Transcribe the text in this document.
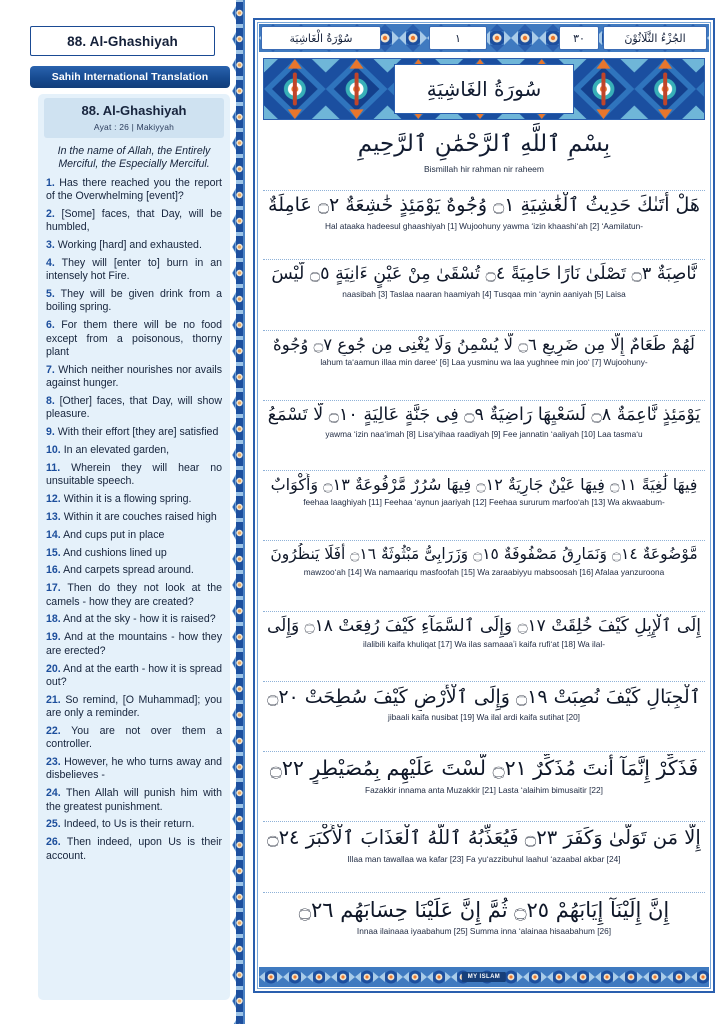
88. Al-Ghashiyah
Sahih International Translation
88. Al-Ghashiyah
Ayat : 26 | Makiyyah
In the name of Allah, the Entirely Merciful, the Especially Merciful.
1. Has there reached you the report of the Overwhelming [event]?
2. [Some] faces, that Day, will be humbled,
3. Working [hard] and exhausted.
4. They will [enter to] burn in an intensely hot Fire.
5. They will be given drink from a boiling spring.
6. For them there will be no food except from a poisonous, thorny plant
7. Which neither nourishes nor avails against hunger.
8. [Other] faces, that Day, will show pleasure.
9. With their effort [they are] satisfied
10. In an elevated garden,
11. Wherein they will hear no unsuitable speech.
12. Within it is a flowing spring.
13. Within it are couches raised high
14. And cups put in place
15. And cushions lined up
16. And carpets spread around.
17. Then do they not look at the camels - how they are created?
18. And at the sky - how it is raised?
19. And at the mountains - how they are erected?
20. And at the earth - how it is spread out?
21. So remind, [O Muhammad]; you are only a reminder.
22. You are not over them a controller.
23. However, he who turns away and disbelieves -
24. Then Allah will punish him with the greatest punishment.
25. Indeed, to Us is their return.
26. Then indeed, upon Us is their account.
سُوْرَةُ الْغَاشِيَة	١	٣٠	الجُزْءُ الثَّلَاثُوْنَ
سُورَةُ الغَاشِيَةِ
بِسْمِ ٱللَّهِ ٱلرَّحْمَٰنِ ٱلرَّحِيمِ
Bismillah hir rahman nir raheem
هَلْ أَتَىٰكَ حَدِيثُ ٱلْغَٰشِيَةِ ۝١ وُجُوهٌ يَوْمَئِذٍ خَٰشِعَةٌ ۝٢ عَامِلَةٌ
Hal ataaka hadeesul ghaashiyah [1] Wujoohuny yawma ʻizin khaashiʻah [2] ʻAamilatun-
نَّاصِبَةٌ ۝٣ تَصْلَىٰ نَارًا حَامِيَةً ۝٤ تُسْقَىٰ مِنْ عَيْنٍ ءَانِيَةٍ ۝٥ لَّيْسَ
naasibah [3] Taslaa naaran haamiyah [4] Tusqaa min ʻaynin aaniyah [5] Laisa
لَهُمْ طَعَامٌ إِلَّا مِن ضَرِيعٍ ۝٦ لَّا يُسْمِنُ وَلَا يُغْنِى مِن جُوعٍ ۝٧ وُجُوهٌ
lahum taʻaamun illaa min dareeʻ [6] Laa yusminu wa laa yughnee min jooʻ [7] Wujoohuny-
يَوْمَئِذٍ نَّاعِمَةٌ ۝٨ لِّسَعْيِهَا رَاضِيَةٌ ۝٩ فِى جَنَّةٍ عَالِيَةٍ ۝١٠ لَّا تَسْمَعُ
yawma ʻizin naaʻimah [8] Lisaʻyihaa raadiyah [9] Fee jannatin ʻaaliyah [10] Laa tasmaʻu
فِيهَا لَٰغِيَةً ۝١١ فِيهَا عَيْنٌ جَارِيَةٌ ۝١٢ فِيهَا سُرُرٌ مَّرْفُوعَةٌ ۝١٣ وَأَكْوَابٌ
feehaa laaghiyah [11] Feehaa ʻaynun jaariyah [12] Feehaa sururum marfooʻah [13] Wa akwaabum-
مَّوْضُوعَةٌ ۝١٤ وَنَمَارِقُ مَصْفُوفَةٌ ۝١٥ وَزَرَابِىُّ مَبْثُوثَةٌ ۝١٦ أَفَلَا يَنظُرُونَ
mawzooʻah [14] Wa namaariqu masfoofah [15] Wa zaraabiyyu mabsoosah [16] Afalaa yanzuroona
إِلَى ٱلْإِبِلِ كَيْفَ خُلِقَتْ ۝١٧ وَإِلَى ٱلسَّمَآءِ كَيْفَ رُفِعَتْ ۝١٨ وَإِلَى
ilalibili kaifa khuliqat [17] Wa ilas samaaaʼi kaifa rufiʻat [18] Wa ilal-
ٱلْجِبَالِ كَيْفَ نُصِبَتْ ۝١٩ وَإِلَى ٱلْأَرْضِ كَيْفَ سُطِحَتْ ۝٢٠
jibaali kaifa nusibat [19] Wa ilal ardi kaifa sutihat [20]
فَذَكِّرْ إِنَّمَآ أَنتَ مُذَكِّرٌ ۝٢١ لَّسْتَ عَلَيْهِم بِمُصَيْطِرٍ ۝٢٢
Fazakkir innama anta Muzakkir [21] Lasta ʻalaihim bimusaitir [22]
إِلَّا مَن تَوَلَّىٰ وَكَفَرَ ۝٢٣ فَيُعَذِّبُهُ ٱللَّهُ ٱلْعَذَابَ ٱلْأَكْبَرَ ۝٢٤
Illaa man tawallaa wa kafar [23] Fa yuʻazzibuhul laahul ʻazaabal akbar [24]
إِنَّ إِلَيْنَآ إِيَابَهُمْ ۝٢٥ ثُمَّ إِنَّ عَلَيْنَا حِسَابَهُم ۝٢٦
Innaa ilainaaa iyaabahum [25] Summa inna ʻalainaa hisaabahum [26]
MY ISLAM
